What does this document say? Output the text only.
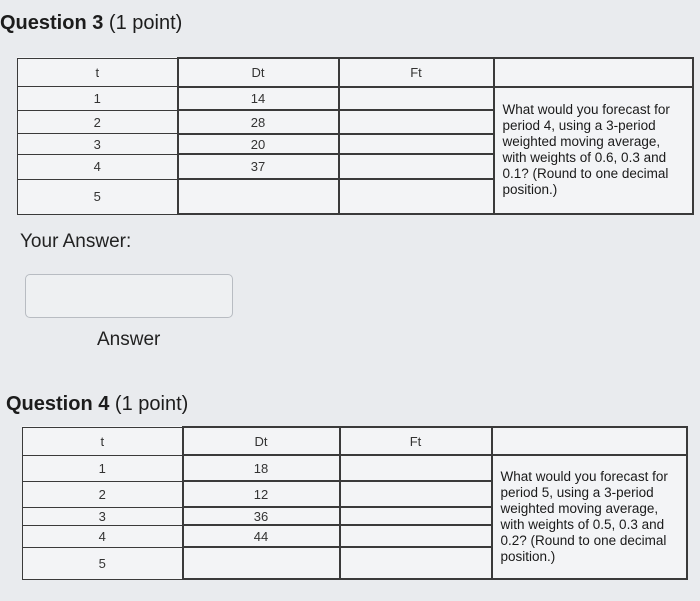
Question 3 (1 point)
t	Dt	Ft	
1	14		What would you forecast for period 4, using a 3-period weighted moving average, with weights of 0.6, 0.3 and 0.1? (Round to one decimal position.)
2	28		
3	20		
4	37		
5			
Your Answer:
Answer
Question 4 (1 point)
t	Dt	Ft	
1	18		What would you forecast for period 5, using a 3-period weighted moving average, with weights of 0.5, 0.3 and 0.2? (Round to one decimal position.)
2	12		
3	36		
4	44		
5			
